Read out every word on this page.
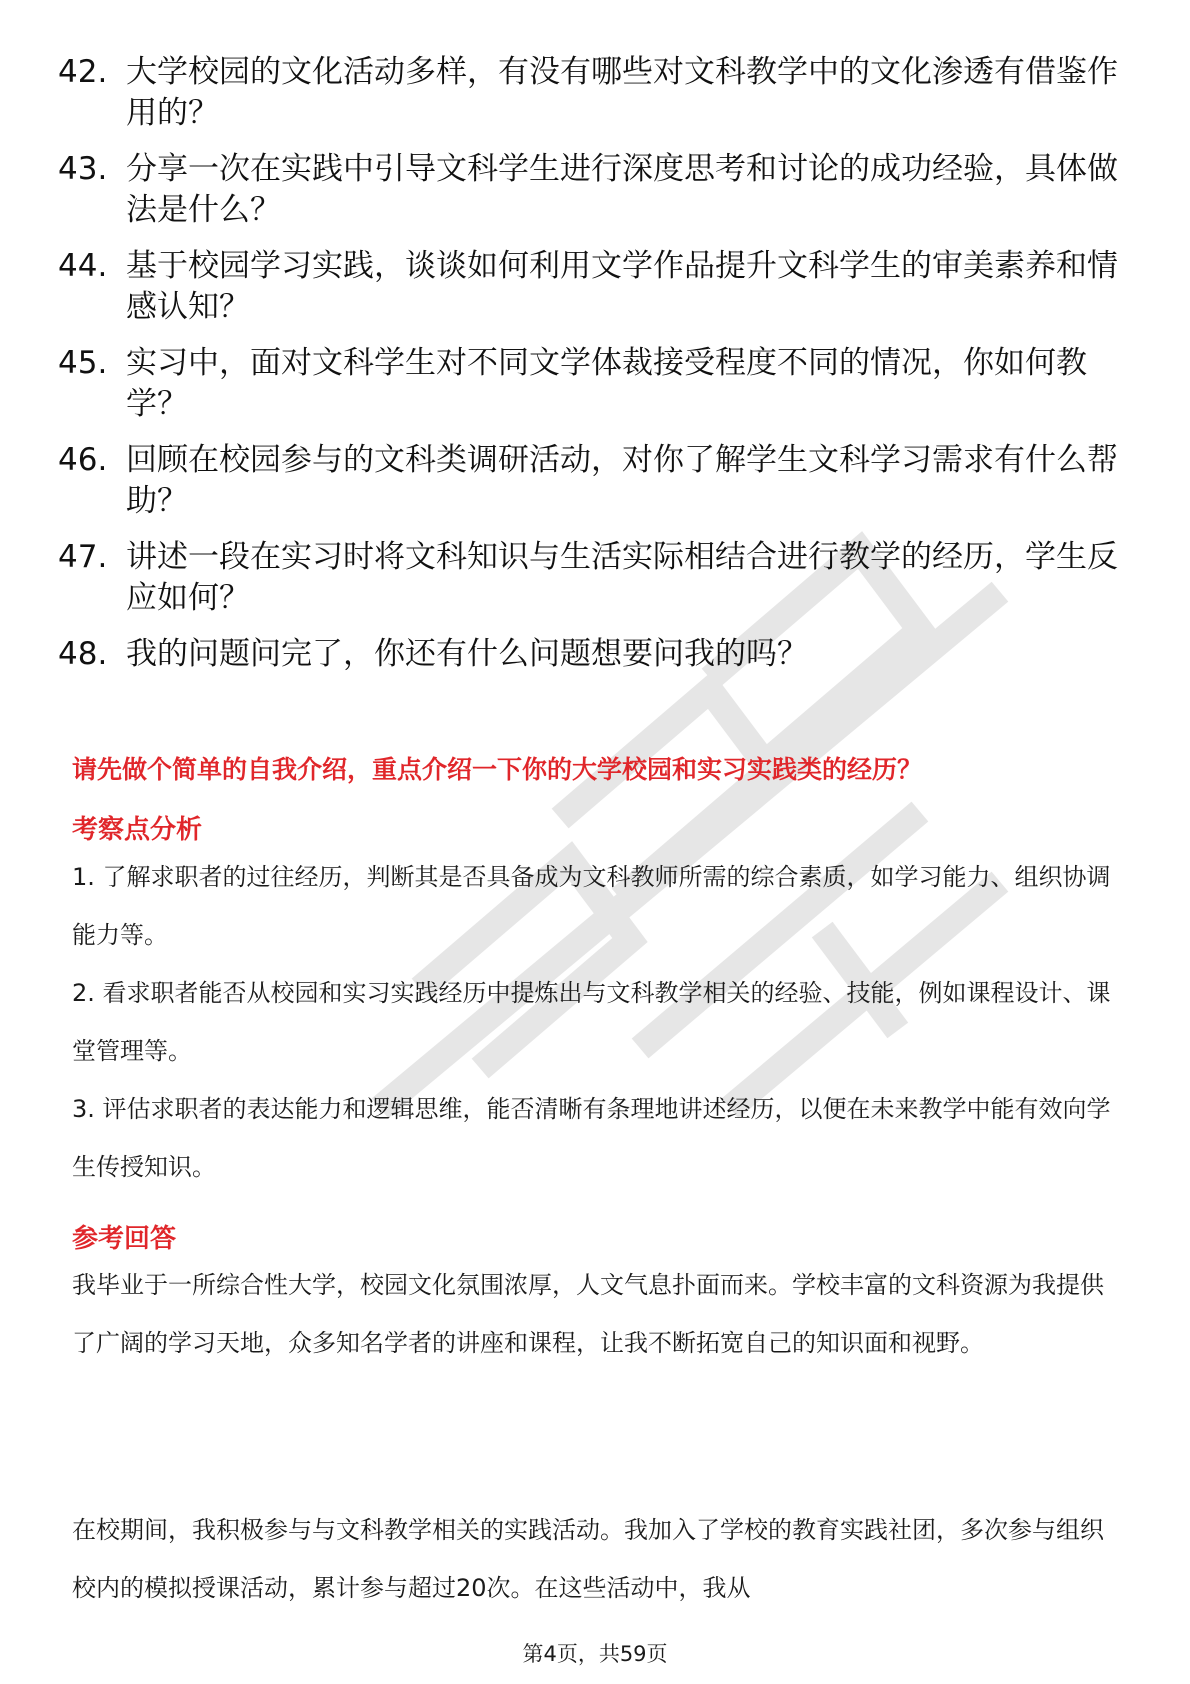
42. 大学校园的文化活动多样，有没有哪些对文科教学中的文化渗透有借鉴作用的？
43. 分享一次在实践中引导文科学生进行深度思考和讨论的成功经验，具体做法是什么？
44. 基于校园学习实践，谈谈如何利用文学作品提升文科学生的审美素养和情感认知？
45. 实习中，面对文科学生对不同文学体裁接受程度不同的情况，你如何教学？
46. 回顾在校园参与的文科类调研活动，对你了解学生文科学习需求有什么帮助？
47. 讲述一段在实习时将文科知识与生活实际相结合进行教学的经历，学生反应如何？
48. 我的问题问完了，你还有什么问题想要问我的吗？
请先做个简单的自我介绍，重点介绍一下你的大学校园和实习实践类的经历？
考察点分析
1. 了解求职者的过往经历，判断其是否具备成为文科教师所需的综合素质，如学习能力、组织协调能力等。
2. 看求职者能否从校园和实习实践经历中提炼出与文科教学相关的经验、技能，例如课程设计、课堂管理等。
3. 评估求职者的表达能力和逻辑思维，能否清晰有条理地讲述经历，以便在未来教学中能有效向学生传授知识。
参考回答
我毕业于一所综合性大学，校园文化氛围浓厚，人文气息扑面而来。学校丰富的文科资源为我提供了广阔的学习天地，众多知名学者的讲座和课程，让我不断拓宽自己的知识面和视野。
在校期间，我积极参与与文科教学相关的实践活动。我加入了学校的教育实践社团，多次参与组织校内的模拟授课活动，累计参与超过20次。在这些活动中，我从
第4页，共59页
